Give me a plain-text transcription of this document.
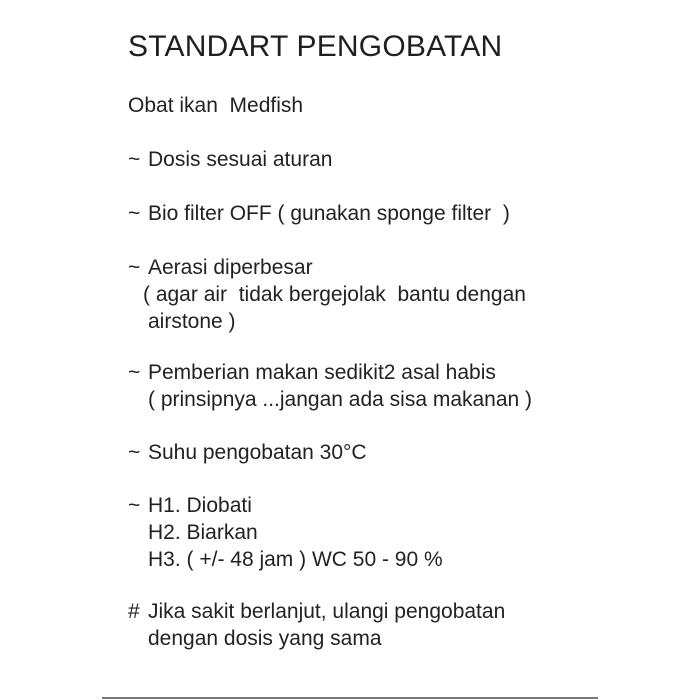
STANDART PENGOBATAN
Obat ikan  Medfish
~ Dosis sesuai aturan
~ Bio filter OFF ( gunakan sponge filter  )
~ Aerasi diperbesar
( agar air  tidak bergejolak  bantu dengan
airstone )
~ Pemberian makan sedikit2 asal habis
( prinsipnya ...jangan ada sisa makanan )
~ Suhu pengobatan 30°C
~ H1. Diobati
H2. Biarkan
H3. ( +/- 48 jam ) WC 50 - 90 %
# Jika sakit berlanjut, ulangi pengobatan
dengan dosis yang sama
